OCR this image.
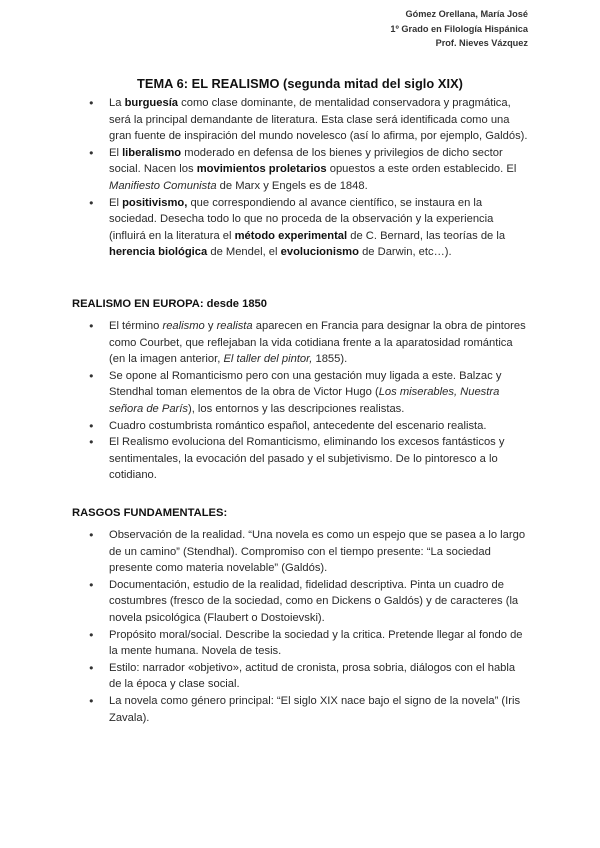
Gómez Orellana, María José
1º Grado en Filología Hispánica
Prof. Nieves Vázquez
TEMA 6: EL REALISMO (segunda mitad del siglo XIX)
● La burguesía como clase dominante, de mentalidad conservadora y pragmática, será la principal demandante de literatura. Esta clase será identificada como una gran fuente de inspiración del mundo novelesco (así lo afirma, por ejemplo, Galdós).
● El liberalismo moderado en defensa de los bienes y privilegios de dicho sector social. Nacen los movimientos proletarios opuestos a este orden establecido. El Manifiesto Comunista de Marx y Engels es de 1848.
● El positivismo, que correspondiendo al avance científico, se instaura en la sociedad. Desecha todo lo que no proceda de la observación y la experiencia (influirá en la literatura el método experimental de C. Bernard, las teorías de la herencia biológica de Mendel, el evolucionismo de Darwin, etc…).
REALISMO EN EUROPA: desde 1850
● El término realismo y realista aparecen en Francia para designar la obra de pintores como Courbet, que reflejaban la vida cotidiana frente a la aparatosidad romántica (en la imagen anterior, El taller del pintor, 1855).
● Se opone al Romanticismo pero con una gestación muy ligada a este. Balzac y Stendhal toman elementos de la obra de Victor Hugo (Los miserables, Nuestra señora de París), los entornos y las descripciones realistas.
● Cuadro costumbrista romántico español, antecedente del escenario realista.
● El Realismo evoluciona del Romanticismo, eliminando los excesos fantásticos y sentimentales, la evocación del pasado y el subjetivismo. De lo pintoresco a lo cotidiano.
RASGOS FUNDAMENTALES:
● Observación de la realidad. “Una novela es como un espejo que se pasea a lo largo de un camino” (Stendhal). Compromiso con el tiempo presente: “La sociedad presente como materia novelable” (Galdós).
● Documentación, estudio de la realidad, fidelidad descriptiva. Pinta un cuadro de costumbres (fresco de la sociedad, como en Dickens o Galdós) y de caracteres (la novela psicológica (Flaubert o Dostoievski).
● Propósito moral/social. Describe la sociedad y la critica. Pretende llegar al fondo de la mente humana. Novela de tesis.
● Estilo: narrador «objetivo», actitud de cronista, prosa sobria, diálogos con el habla de la época y clase social.
● La novela como género principal: “El siglo XIX nace bajo el signo de la novela” (Iris Zavala).
